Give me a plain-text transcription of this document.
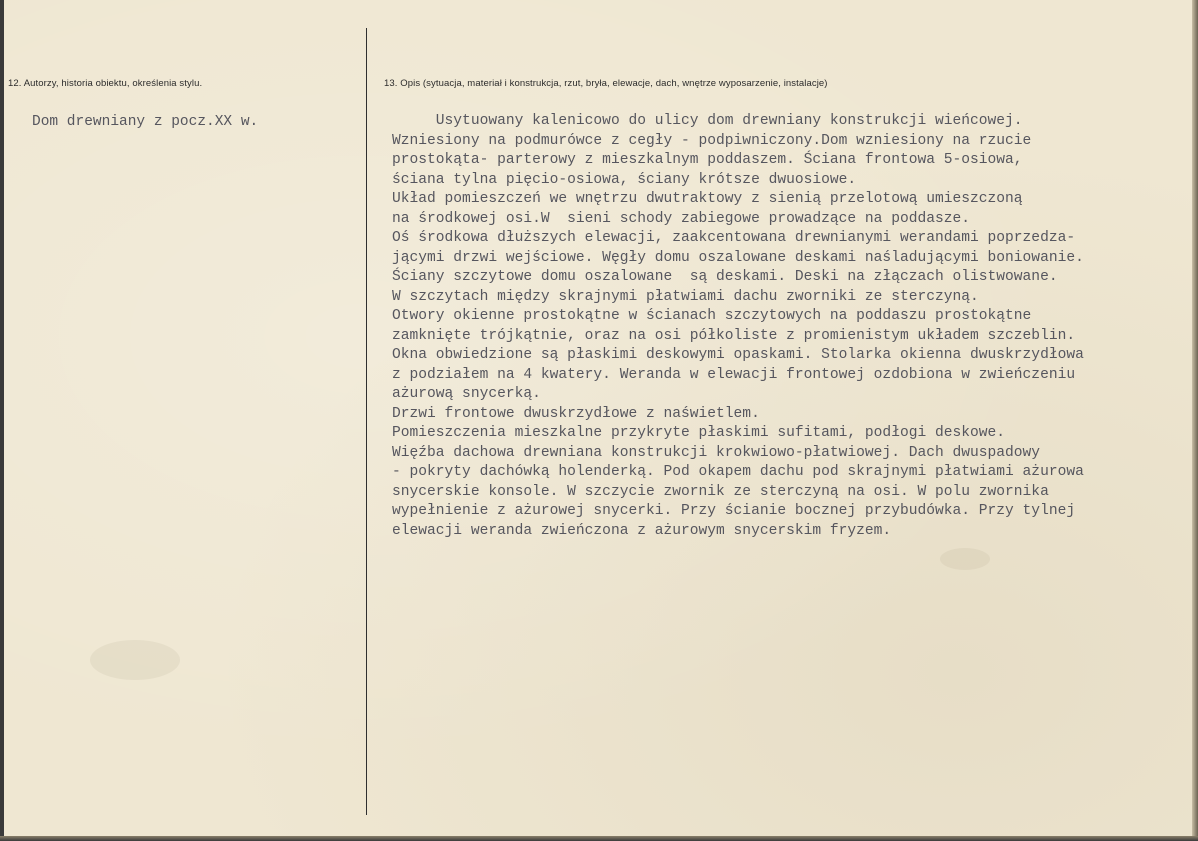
12. Autorzy, historia obiektu, określenia stylu.
Dom drewniany z pocz.XX w.
13. Opis (sytuacja, materiał i konstrukcja, rzut, bryła, elewacje, dach, wnętrze wyposarzenie, instalacje)
Usytuowany kalenicowo do ulicy dom drewniany konstrukcji wieńcowej.
Wzniesiony na podmurówce z cegły - podpiwniczony.Dom wzniesiony na rzucie
prostokąta- parterowy z mieszkalnym poddaszem. Ściana frontowa 5-osiowa,
ściana tylna pięcio-osiowa, ściany krótsze dwuosiowe.
Układ pomieszczeń we wnętrzu dwutraktowy z sienią przelotową umieszczoną
na środkowej osi.W  sieni schody zabiegowe prowadzące na poddasze.
Oś środkowa dłuższych elewacji, zaakcentowana drewnianymi werandami poprzedza-
jącymi drzwi wejściowe. Węgły domu oszalowane deskami naśladującymi boniowanie.
Ściany szczytowe domu oszalowane  są deskami. Deski na złączach olistwowane.
W szczytach między skrajnymi płatwiami dachu zworniki ze sterczyną.
Otwory okienne prostokątne w ścianach szczytowych na poddaszu prostokątne
zamknięte trójkątnie, oraz na osi półkoliste z promienistym układem szczeblin.
Okna obwiedzione są płaskimi deskowymi opaskami. Stolarka okienna dwuskrzydłowa
z podziałem na 4 kwatery. Weranda w elewacji frontowej ozdobiona w zwieńczeniu
ażurową snycerką.
Drzwi frontowe dwuskrzydłowe z naświetlem.
Pomieszczenia mieszkalne przykryte płaskimi sufitami, podłogi deskowe.
Więźba dachowa drewniana konstrukcji krokwiowo-płatwiowej. Dach dwuspadowy
- pokryty dachówką holenderką. Pod okapem dachu pod skrajnymi płatwiami ażurowa
snycerskie konsole. W szczycie zwornik ze sterczyną na osi. W polu zwornika
wypełnienie z ażurowej snycerki. Przy ścianie bocznej przybudówka. Przy tylnej
elewacji weranda zwieńczona z ażurowym snycerskim fryzem.
